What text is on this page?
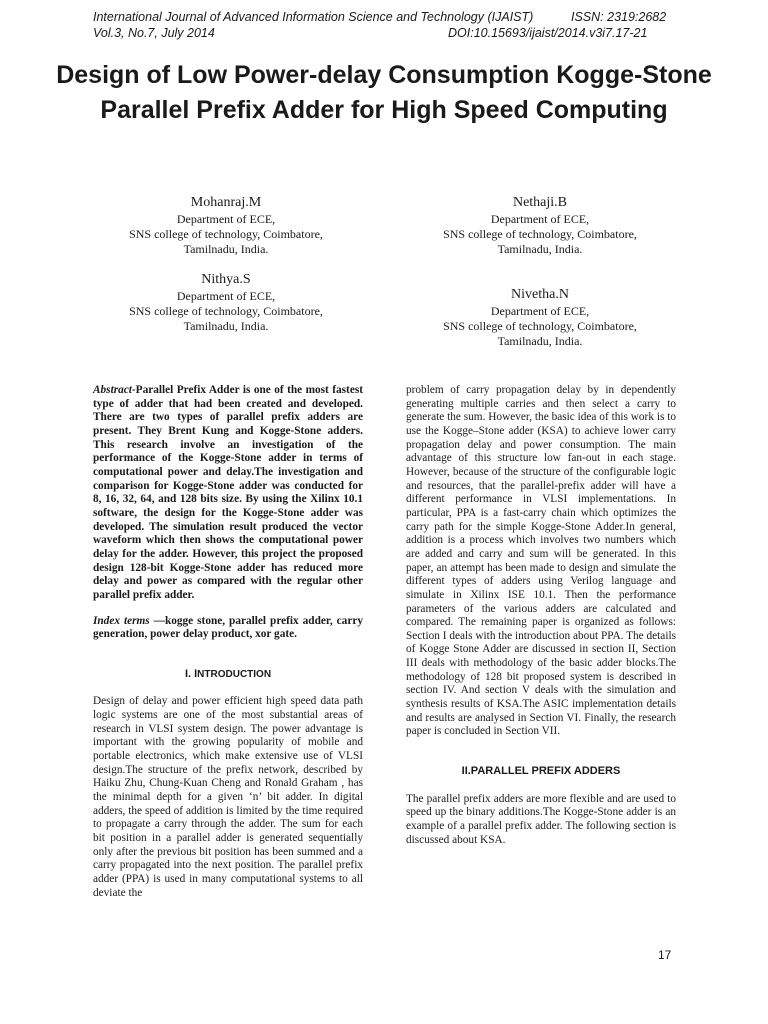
International Journal of Advanced Information Science and Technology (IJAIST)	ISSN: 2319:2682
Vol.3, No.7, July 2014	DOI:10.15693/ijaist/2014.v3i7.17-21
Design of Low Power-delay Consumption Kogge-Stone Parallel Prefix Adder for High Speed Computing
Mohanraj.M
Department of ECE,
SNS college of technology, Coimbatore,
Tamilnadu, India.
Nethaji.B
Department of ECE,
SNS college of technology, Coimbatore,
Tamilnadu, India.
Nithya.S
Department of ECE,
SNS college of technology, Coimbatore,
Tamilnadu, India.
Nivetha.N
Department of ECE,
SNS college of technology, Coimbatore,
Tamilnadu, India.

Abstract-Parallel Prefix Adder is one of the most fastest type of adder that had been created and developed. There are two types of parallel prefix adders are present. They Brent Kung and Kogge-Stone adders. This research involve an investigation of the performance of the Kogge-Stone adder in terms of computational power and delay.The investigation and comparison for Kogge-Stone adder was conducted for 8, 16, 32, 64, and 128 bits size. By using the Xilinx 10.1 software, the design for the Kogge-Stone adder was developed. The simulation result produced the vector waveform which then shows the computational power delay for the adder. However, this project the proposed design 128-bit Kogge-Stone adder has reduced more delay and power as compared with the regular other parallel prefix adder.

Index terms —kogge stone, parallel prefix adder, carry generation, power delay product, xor gate.

I. INTRODUCTION

Design of delay and power efficient high speed data path logic systems are one of the most substantial areas of research in VLSI system design. The power advantage is important with the growing popularity of mobile and portable electronics, which make extensive use of VLSI design.The structure of the prefix network, described by Haiku Zhu, Chung-Kuan Cheng and Ronald Graham , has the minimal depth for a given ‘n’ bit adder. In digital adders, the speed of addition is limited by the time required to propagate a carry through the adder. The sum for each bit position in a parallel adder is generated sequentially only after the previous bit position has been summed and a carry propagated into the next position. The parallel prefix adder (PPA) is used in many computational systems to all deviate the

problem of carry propagation delay by in dependently generating multiple carries and then select a carry to generate the sum. However, the basic idea of this work is to use the Kogge–Stone adder (KSA) to achieve lower carry propagation delay and power consumption. The main advantage of this structure low fan-out in each stage. However, because of the structure of the configurable logic and resources, that the parallel-prefix adder will have a different performance in VLSI implementations. In particular, PPA is a fast-carry chain which optimizes the carry path for the simple Kogge-Stone Adder.In general, addition is a process which involves two numbers which are added and carry and sum will be generated. In this paper, an attempt has been made to design and simulate the different types of adders using Verilog language and simulate in Xilinx ISE 10.1. Then the performance parameters of the various adders are calculated and compared. The remaining paper is organized as follows: Section I deals with the introduction about PPA. The details of Kogge Stone Adder are discussed in section II, Section III deals with methodology of the basic adder blocks.The methodology of 128 bit proposed system is described in section IV. And section V deals with the simulation and synthesis results of KSA.The ASIC implementation details and results are analysed in Section VI. Finally, the research paper is concluded in Section VII.

II.PARALLEL PREFIX ADDERS

The parallel prefix adders are more flexible and are used to speed up the binary additions.The Kogge-Stone adder is an example of a parallel prefix adder. The following section is discussed about KSA.

17
